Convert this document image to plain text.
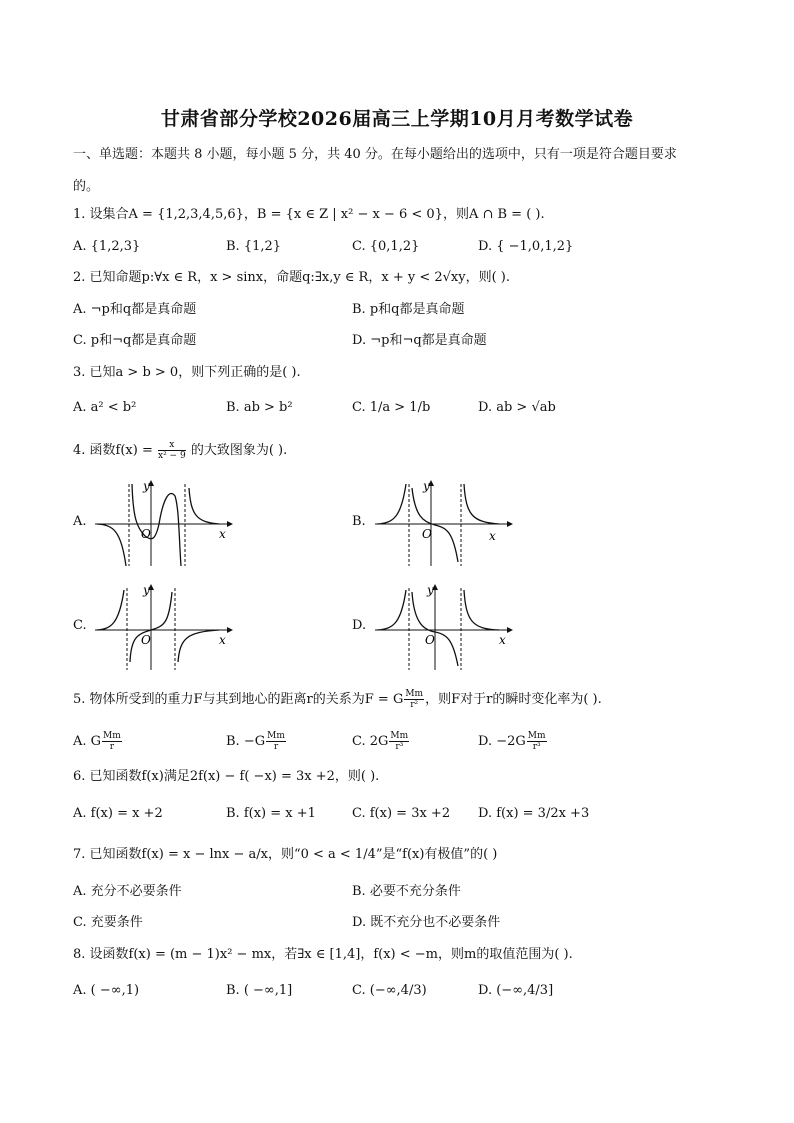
甘肃省部分学校2026届高三上学期10月月考数学试卷
一、单选题：本题共 8 小题，每小题 5 分，共 40 分。在每小题给出的选项中，只有一项是符合题目要求
的。
1. 设集合A = {1,2,3,4,5,6}，B = {x ∈ Z | x² − x − 6 < 0}，则A ∩ B = ( ).
A. {1,2,3}	B. {1,2}	C. {0,1,2}	D. { −1,0,1,2}
2. 已知命题p:∀x ∈ R，x > sinx，命题q:∃x,y ∈ R，x + y < 2√xy，则( ).
A. ¬p和q都是真命题	B. p和q都是真命题
C. p和¬q都是真命题	D. ¬p和¬q都是真命题
3. 已知a > b > 0，则下列正确的是( ).
A. a² < b²	B. ab > b²	C. 1/a > 1/b	D. ab > √ab
4. 函数$f(x) = \frac{x}{\text{x² − 9}}$ 的大致图象为( ).
A.	B.
C.	D.
y
x
O
y
x
O
y
x
O
y
x
O
5. 物体所受到的重力F与其到地心的距离r的关系为F = G $\frac{Mm}{\text{r²}}$ ，则F对于r的瞬时变化率为( ).
A. G $\frac{Mm}{r}$	B. $-G \frac{Mm}{r}$	C. $2G \frac{Mm}{\text{r³}}$	D. $-2G \frac{Mm}{\text{r³}}$
6. 已知函数f(x)满足2f(x) − f( −x) = 3x +2，则( ).
A. f(x) = x +2	B. f(x) = x +1	C. f(x) = 3x +2 D. f(x) = 3/2x +3
7. 已知函数f(x) = x − lnx − a/x，则“0 < a < 1/4”是“f(x)有极值”的( )
A. 充分不必要条件	B. 必要不充分条件
C. 充要条件	D. 既不充分也不必要条件
8. 设函数f(x) = (m − 1)x² − mx，若∃x ∈ [1,4]，f(x) < −m，则m的取值范围为( ).
A. ( −∞,1)	B. ( −∞,1]	C. (−∞,4/3)	D. (−∞,4/3]
